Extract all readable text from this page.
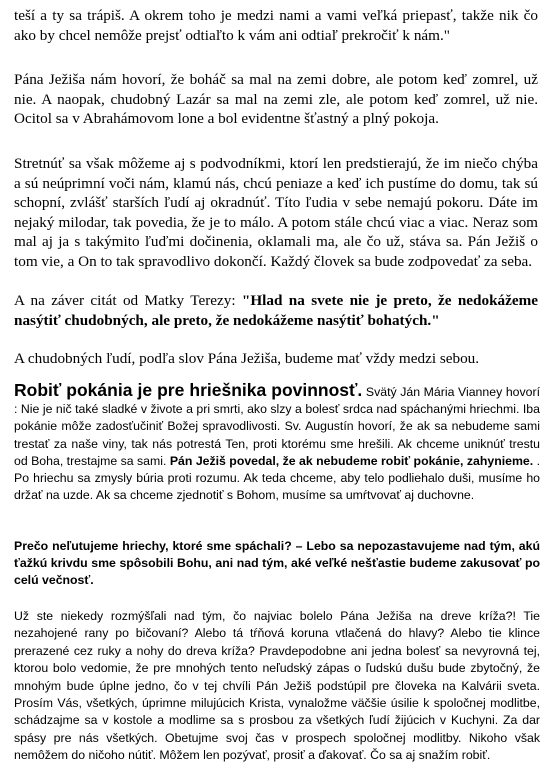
teší a ty sa trápiš. A okrem toho je medzi nami a vami veľká priepasť, takže nik čo ako by chcel nemôže prejsť odtiaľto k vám ani odtiaľ prekročiť k nám."

Pána Ježiša nám hovorí, že boháč sa mal na zemi dobre, ale potom keď zomrel, už nie. A naopak, chudobný Lazár sa mal na zemi zle, ale potom keď zomrel, už nie. Ocitol sa v Abrahámovom lone a bol evidentne šťastný a plný pokoja.

Stretnúť sa však môžeme aj s podvodníkmi, ktorí len predstierajú, že im niečo chýba a sú neúprimní voči nám, klamú nás, chcú peniaze a keď ich pustíme do domu, tak sú schopní, zvlášť starších ľudí aj okradnúť. Títo ľudia v sebe nemajú pokoru. Dáte im nejaký milodar, tak povedia, že je to málo. A potom stále chcú viac a viac. Neraz som mal aj ja s takýmito ľuďmi dočinenia, oklamali ma, ale čo už, stáva sa. Pán Ježiš o tom vie, a On to tak spravodlivo dokončí. Každý človek sa bude zodpovedať za seba.

A na záver citát od Matky Terezy: "Hlad na svete nie je preto, že nedokážeme nasýtiť chudobných, ale preto, že nedokážeme nasýtiť bohatých."

A chudobných ľudí, podľa slov Pána Ježiša, budeme mať vždy medzi sebou.

Robiť pokánia je pre hriešnika povinnosť. Svätý Ján Mária Vianney hovorí : Nie je nič také sladké v živote a pri smrti, ako slzy a bolesť srdca nad spáchanými hriechmi. Iba pokánie môže zadosťučiniť Božej spravodlivosti. Sv. Augustín hovorí, že ak sa nebudeme sami trestať za naše viny, tak nás potrestá Ten, proti ktorému sme hrešili. Ak chceme uniknúť trestu od Boha, trestajme sa sami. Pán Ježiš povedal, že ak nebudeme robiť pokánie, zahynieme. . Po hriechu sa zmysly búria proti rozumu. Ak teda chceme, aby telo podliehalo duši, musíme ho držať na uzde. Ak sa chceme zjednotiť s Bohom, musíme sa umŕtvovať aj duchovne.

Prečo neľutujeme hriechy, ktoré sme spáchali? – Lebo sa nepozastavujeme nad tým, akú ťažkú krivdu sme spôsobili Bohu, ani nad tým, aké veľké nešťastie budeme zakusovať po celú večnosť.

Už ste niekedy rozmýšľali nad tým, čo najviac bolelo Pána Ježiša na dreve kríža?! Tie nezahojené rany po bičovaní? Alebo tá tŕňová koruna vtlačená do hlavy? Alebo tie klince prerazené cez ruky a nohy do dreva kríža? Pravdepodobne ani jedna bolesť sa nevyrovná tej, ktorou bolo vedomie, že pre mnohých tento neľudský zápas o ľudskú dušu bude zbytočný, že mnohým bude úplne jedno, čo v tej chvíli Pán Ježiš podstúpil pre človeka na Kalvárii sveta. Prosím Vás, všetkých, úprimne milujúcich Krista, vynaložme väčšie úsilie k spoločnej modlitbe, schádzajme sa v kostole a modlime sa s prosbou za všetkých ľudí žijúcich v Kuchyni. Za dar spásy pre nás všetkých. Obetujme svoj čas v prospech spoločnej modlitby. Nikoho však nemôžem do ničoho nútiť. Môžem len pozývať, prosiť a ďakovať. Čo sa aj snažím robiť.
